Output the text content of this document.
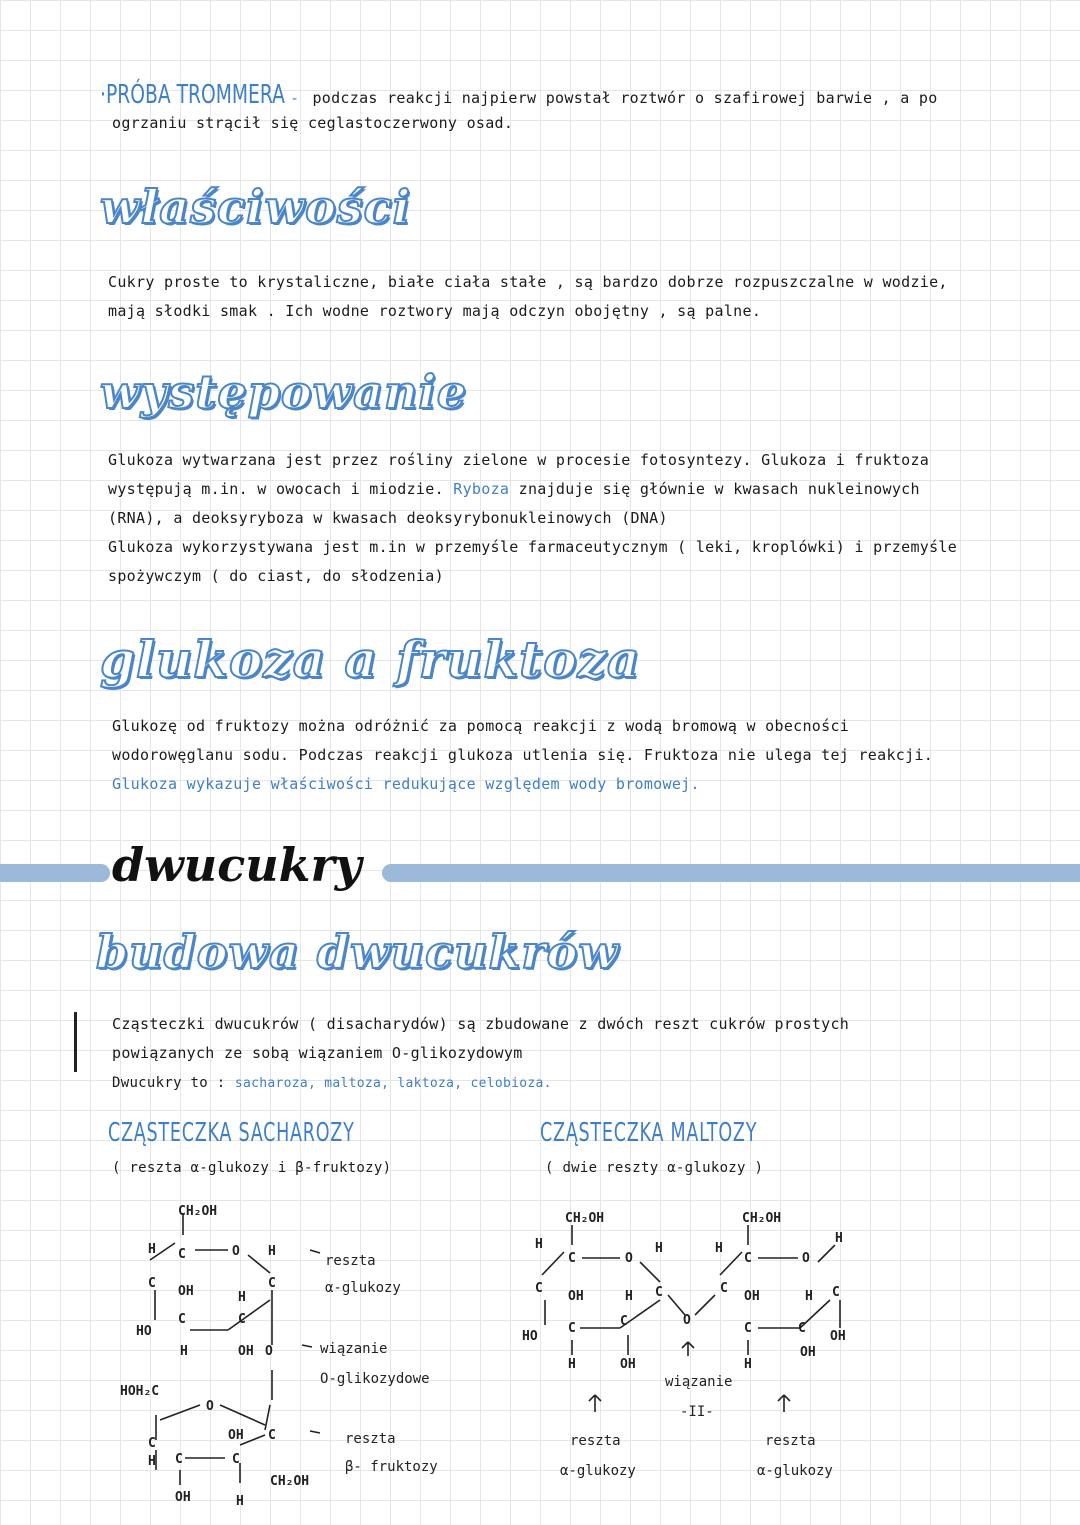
·PRÓBA TROMMERA - podczas reakcji najpierw powstał roztwór o szafirowej barwie , a po
ogrzaniu strącił się ceglastoczerwony osad.
właściwości
Cukry proste to krystaliczne, białe ciała stałe , są bardzo dobrze rozpuszczalne w wodzie,
mają słodki smak . Ich wodne roztwory mają odczyn obojętny , są palne.
występowanie
Glukoza wytwarzana jest przez rośliny zielone w procesie fotosyntezy. Glukoza i fruktoza
występują m.in. w owocach i miodzie. Ryboza znajduje się głównie w kwasach nukleinowych
(RNA), a deoksyryboza w kwasach deoksyrybonukleinowych (DNA)
Glukoza wykorzystywana jest m.in w przemyśle farmaceutycznym ( leki, kroplówki) i przemyśle
spożywczym ( do ciast, do słodzenia)
glukoza a fruktoza
Glukozę od fruktozy można odróżnić za pomocą reakcji z wodą bromową w obecności
wodorowęglanu sodu. Podczas reakcji glukoza utlenia się. Fruktoza nie ulega tej reakcji.
Glukoza wykazuje właściwości redukujące względem wody bromowej.
dwucukry
budowa dwucukrów
Cząsteczki dwucukrów ( disacharydów) są zbudowane z dwóch reszt cukrów prostych
powiązanych ze sobą wiązaniem O-glikozydowym
Dwucukry to : sacharoza, maltoza, laktoza, celobioza.
CZĄSTECZKA SACHAROZY
( reszta α-glukozy i β-fruktozy)
CH₂OH
C
H	O H
C
C
OH
C
H
C
HO
H	OH O
HOH₂C
O
OH C
C
C	C
H
CH₂OH
OH	H
reszta
α-glukozy
wiązanie
O-glikozydowe
reszta
β- fruktozy
CZĄSTECZKA MALTOZY
( dwie reszty α-glukozy )
CH₂OH	CH₂OH
H
C	O
H
C
C
OH	H
C	C
HO
H	OH
O
H
C
C
OH
C
H
O
H
H C
C
OH
OH
wiązanie
-II-
reszta
α-glukozy
reszta
α-glukozy
